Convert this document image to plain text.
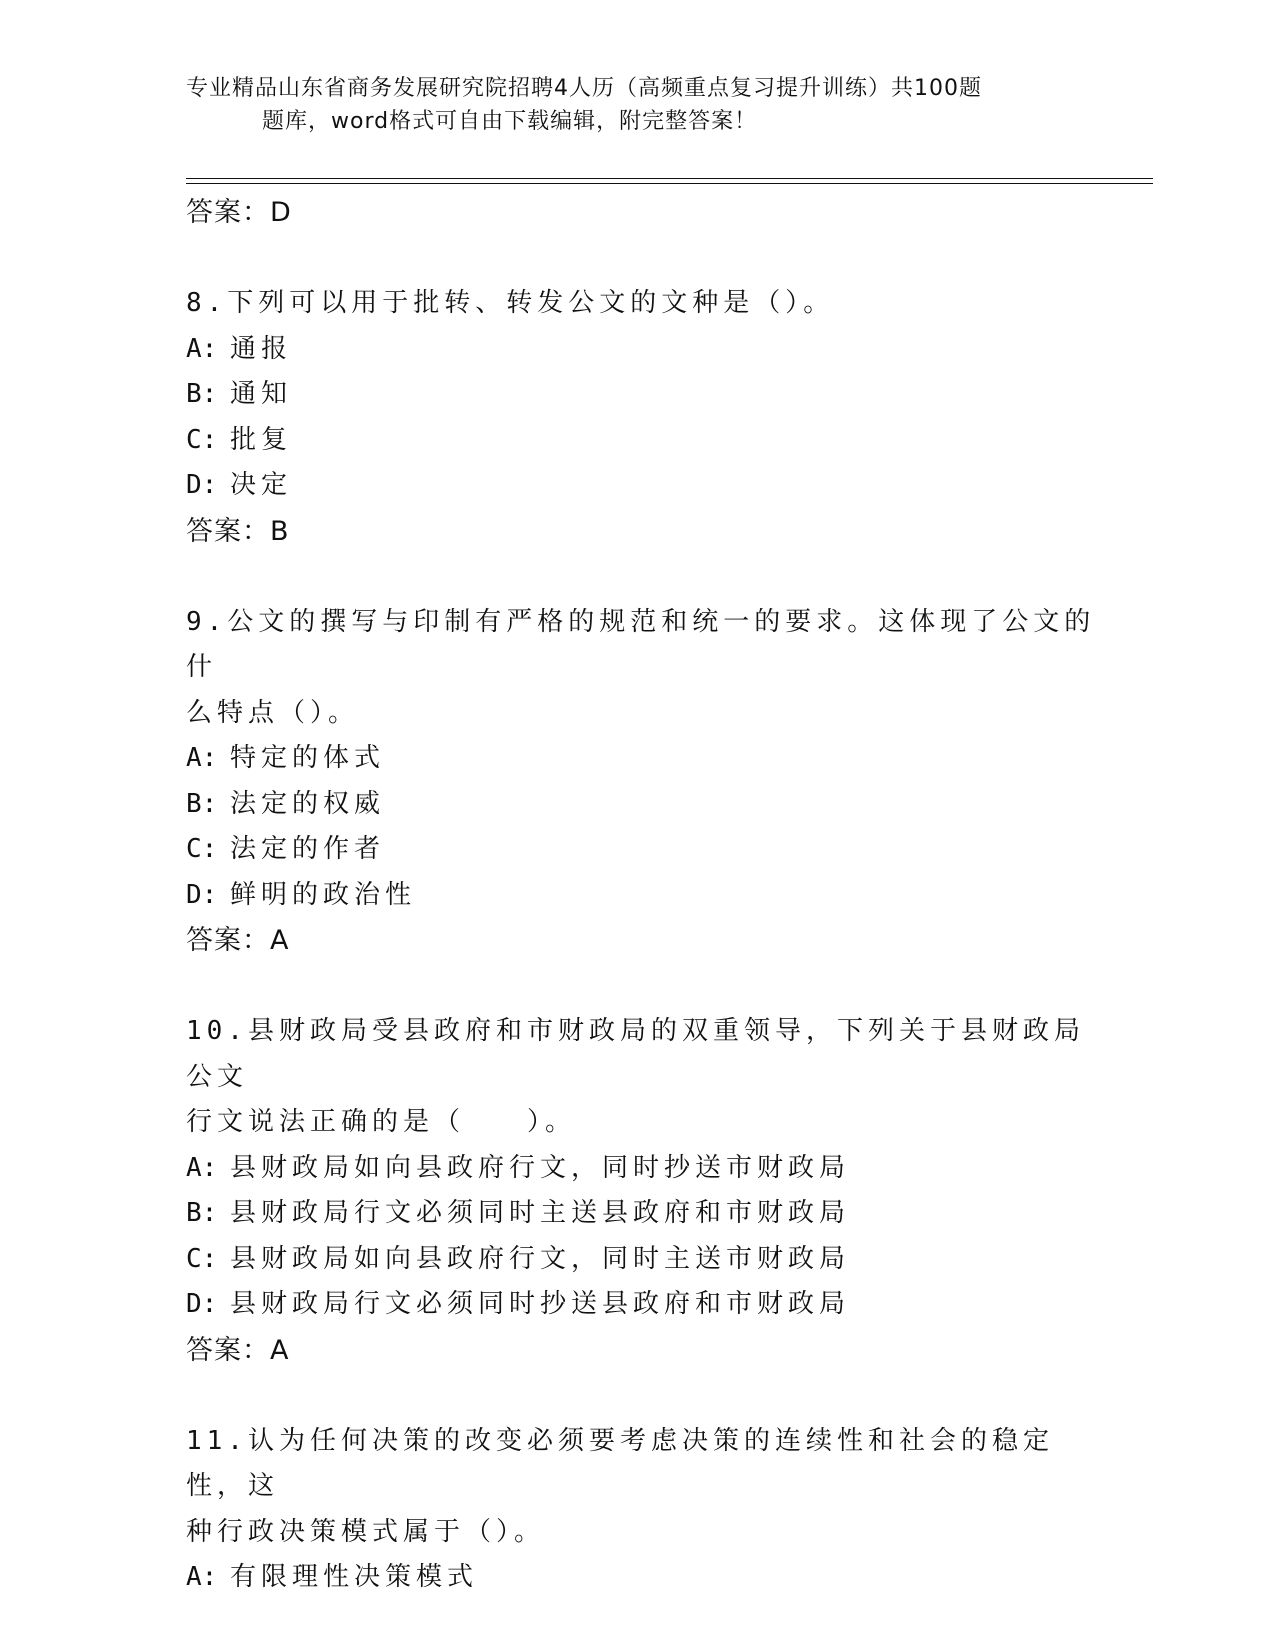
专业精品山东省商务发展研究院招聘4人历（高频重点复习提升训练）共100题
题库，word格式可自由下载编辑，附完整答案！
答案：D

8.下列可以用于批转、转发公文的文种是（）。

A: 通报
B: 通知
C: 批复
D: 决定
答案：B

9.公文的撰写与印制有严格的规范和统一的要求。这体现了公文的什
么特点（）。

A: 特定的体式
B: 法定的权威
C: 法定的作者
D: 鲜明的政治性
答案：A

10.县财政局受县政府和市财政局的双重领导，下列关于县财政局公文
行文说法正确的是（　　）。

A: 县财政局如向县政府行文，同时抄送市财政局
B: 县财政局行文必须同时主送县政府和市财政局
C: 县财政局如向县政府行文，同时主送市财政局
D: 县财政局行文必须同时抄送县政府和市财政局
答案：A

11.认为任何决策的改变必须要考虑决策的连续性和社会的稳定性，这
种行政决策模式属于（）。

A: 有限理性决策模式
